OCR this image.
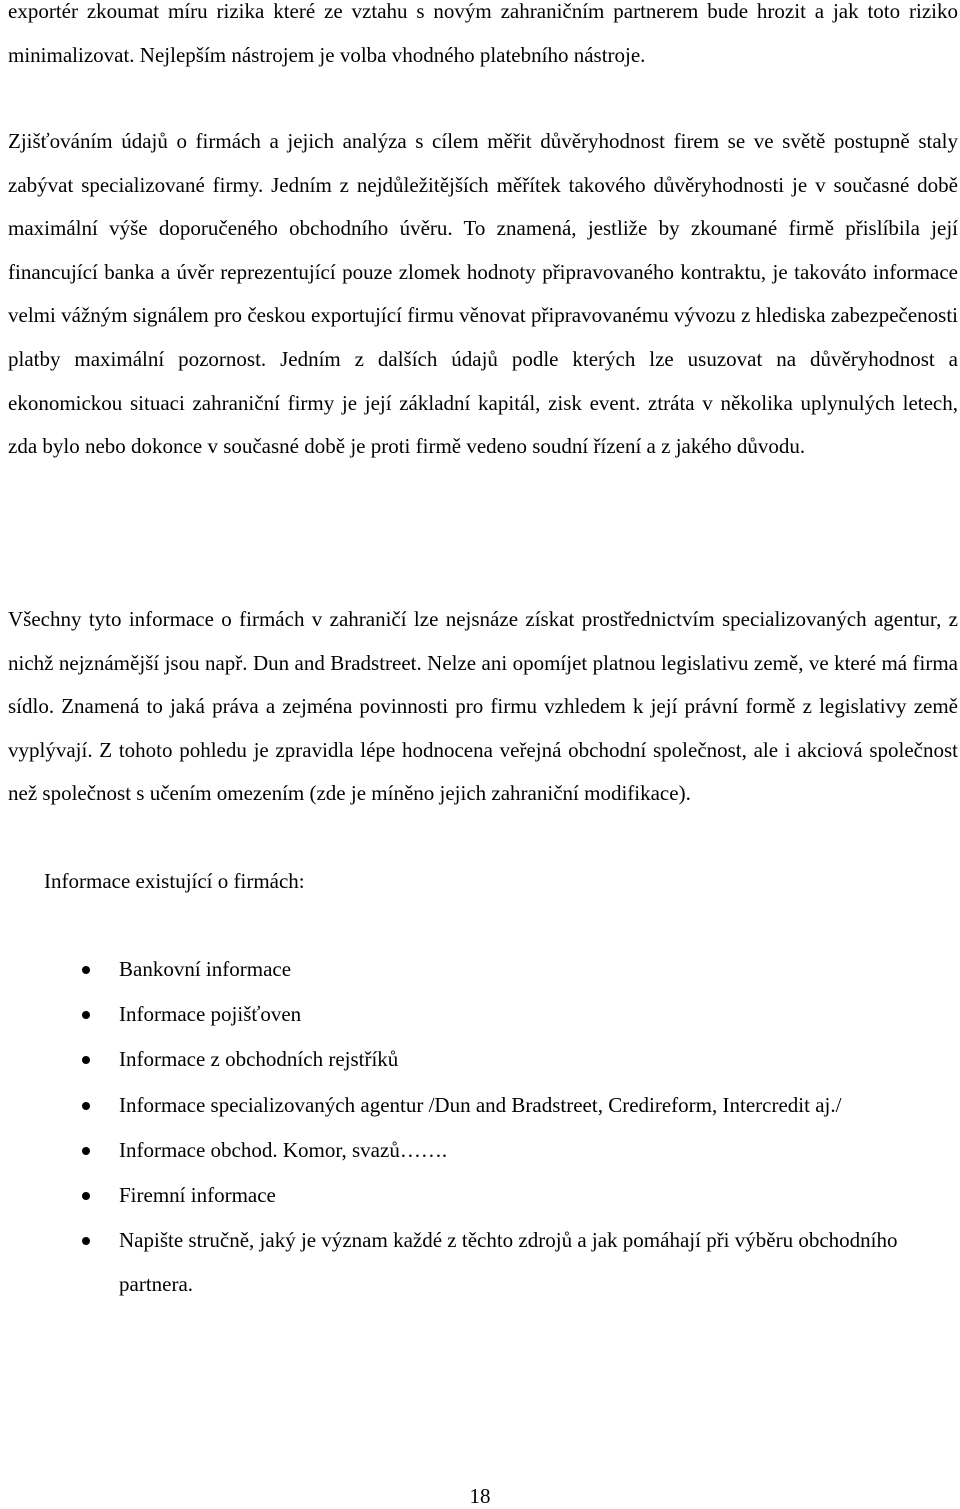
exportér zkoumat míru rizika které ze vztahu s novým zahraničním partnerem bude hrozit a jak toto riziko minimalizovat. Nejlepším nástrojem je volba vhodného platebního nástroje.

Zjišťováním údajů o firmách a jejich analýza s cílem měřit důvěryhodnost firem se ve světě postupně staly zabývat specializované firmy. Jedním z nejdůležitějších měřítek takového důvěryhodnosti je v současné době maximální výše doporučeného obchodního úvěru. To znamená, jestliže by zkoumané firmě přislíbila její financující banka a úvěr reprezentující pouze zlomek hodnoty připravovaného kontraktu, je takováto informace velmi vážným signálem pro českou exportující firmu věnovat připravovanému vývozu z hlediska zabezpečenosti platby maximální pozornost. Jedním z dalších údajů podle kterých lze usuzovat na důvěryhodnost a ekonomickou situaci zahraniční firmy je její základní kapitál, zisk event. ztráta v několika uplynulých letech, zda bylo nebo dokonce v současné době je proti firmě vedeno soudní řízení a z jakého důvodu.

Všechny tyto informace o firmách v zahraničí lze nejsnáze získat prostřednictvím specializovaných agentur, z nichž nejznámější jsou např. Dun and Bradstreet. Nelze ani opomíjet platnou legislativu země, ve které má firma sídlo. Znamená to jaká práva a zejména povinnosti pro firmu vzhledem k její právní formě z legislativy země vyplývají. Z tohoto pohledu je zpravidla lépe hodnocena veřejná obchodní společnost, ale i akciová společnost než společnost s učením omezením (zde je míněno jejich zahraniční modifikace).

Informace existující o firmách:

Bankovní informace
Informace pojišťoven
Informace z obchodních rejstříků
Informace specializovaných agentur /Dun and Bradstreet, Credireform, Intercredit aj./
Informace obchod. Komor, svazů…….
Firemní informace
Napište stručně, jaký je význam každé z těchto zdrojů a jak pomáhají při výběru obchodního partnera.
18
